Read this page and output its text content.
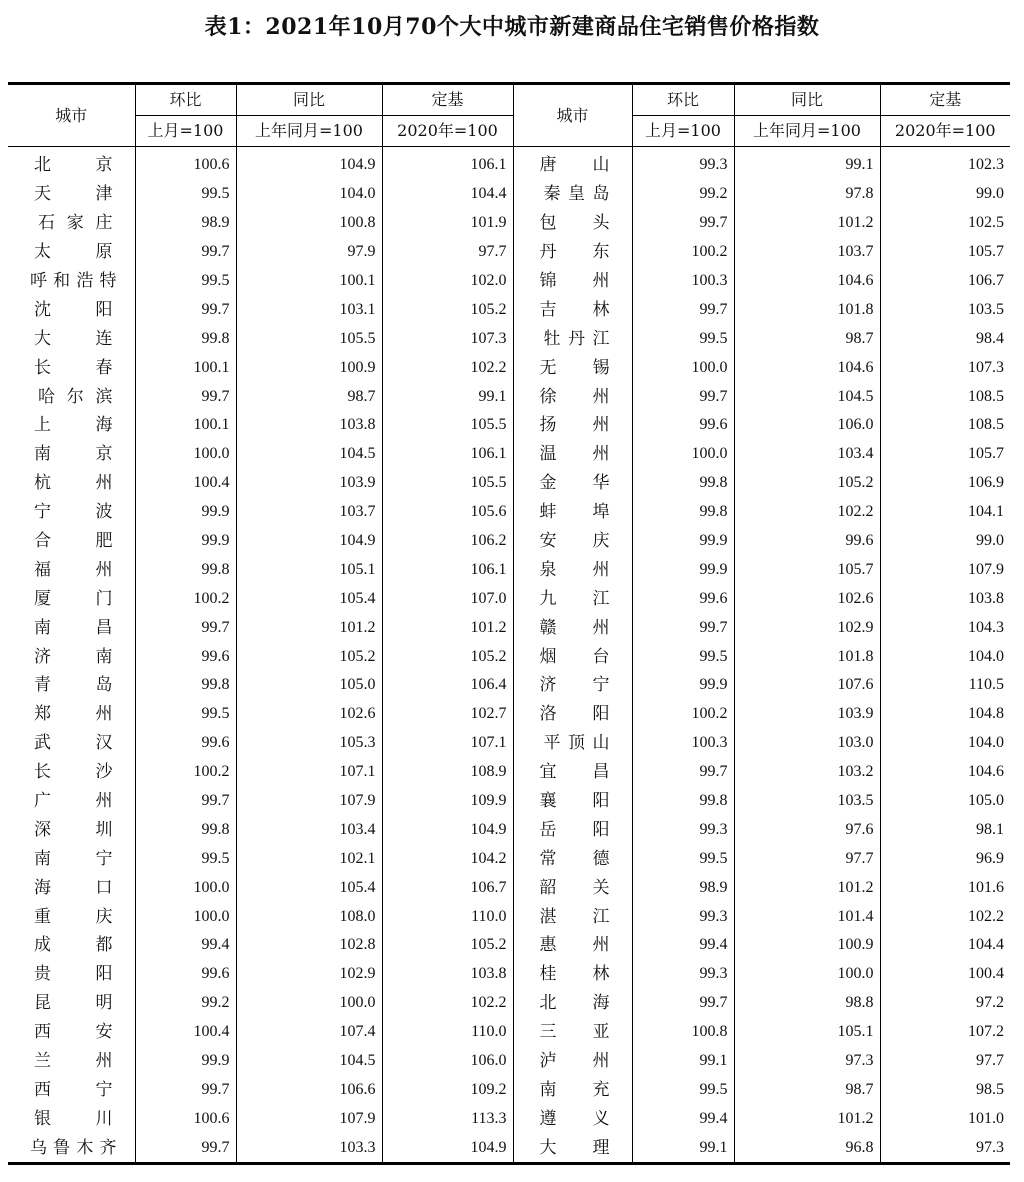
表1：2021年10月70个大中城市新建商品住宅销售价格指数
城市	环比	同比	定基	城市	环比	同比	定基
	上月=100	上年同月=100	2020年=100		上月=100	上年同月=100	2020年=100
北　京	100.6	104.9	106.1	唐　山	99.3	99.1	102.3
天　津	99.5	104.0	104.4	秦皇岛	99.2	97.8	99.0
石家庄	98.9	100.8	101.9	包　头	99.7	101.2	102.5
太　原	99.7	97.9	97.7	丹　东	100.2	103.7	105.7
呼和浩特	99.5	100.1	102.0	锦　州	100.3	104.6	106.7
沈　阳	99.7	103.1	105.2	吉　林	99.7	101.8	103.5
大　连	99.8	105.5	107.3	牡丹江	99.5	98.7	98.4
长　春	100.1	100.9	102.2	无　锡	100.0	104.6	107.3
哈尔滨	99.7	98.7	99.1	徐　州	99.7	104.5	108.5
上　海	100.1	103.8	105.5	扬　州	99.6	106.0	108.5
南　京	100.0	104.5	106.1	温　州	100.0	103.4	105.7
杭　州	100.4	103.9	105.5	金　华	99.8	105.2	106.9
宁　波	99.9	103.7	105.6	蚌　埠	99.8	102.2	104.1
合　肥	99.9	104.9	106.2	安　庆	99.9	99.6	99.0
福　州	99.8	105.1	106.1	泉　州	99.9	105.7	107.9
厦　门	100.2	105.4	107.0	九　江	99.6	102.6	103.8
南　昌	99.7	101.2	101.2	赣　州	99.7	102.9	104.3
济　南	99.6	105.2	105.2	烟　台	99.5	101.8	104.0
青　岛	99.8	105.0	106.4	济　宁	99.9	107.6	110.5
郑　州	99.5	102.6	102.7	洛　阳	100.2	103.9	104.8
武　汉	99.6	105.3	107.1	平顶山	100.3	103.0	104.0
长　沙	100.2	107.1	108.9	宜　昌	99.7	103.2	104.6
广　州	99.7	107.9	109.9	襄　阳	99.8	103.5	105.0
深　圳	99.8	103.4	104.9	岳　阳	99.3	97.6	98.1
南　宁	99.5	102.1	104.2	常　德	99.5	97.7	96.9
海　口	100.0	105.4	106.7	韶　关	98.9	101.2	101.6
重　庆	100.0	108.0	110.0	湛　江	99.3	101.4	102.2
成　都	99.4	102.8	105.2	惠　州	99.4	100.9	104.4
贵　阳	99.6	102.9	103.8	桂　林	99.3	100.0	100.4
昆　明	99.2	100.0	102.2	北　海	99.7	98.8	97.2
西　安	100.4	107.4	110.0	三　亚	100.8	105.1	107.2
兰　州	99.9	104.5	106.0	泸　州	99.1	97.3	97.7
西　宁	99.7	106.6	109.2	南　充	99.5	98.7	98.5
银　川	100.6	107.9	113.3	遵　义	99.4	101.2	101.0
乌鲁木齐	99.7	103.3	104.9	大　理	99.1	96.8	97.3
